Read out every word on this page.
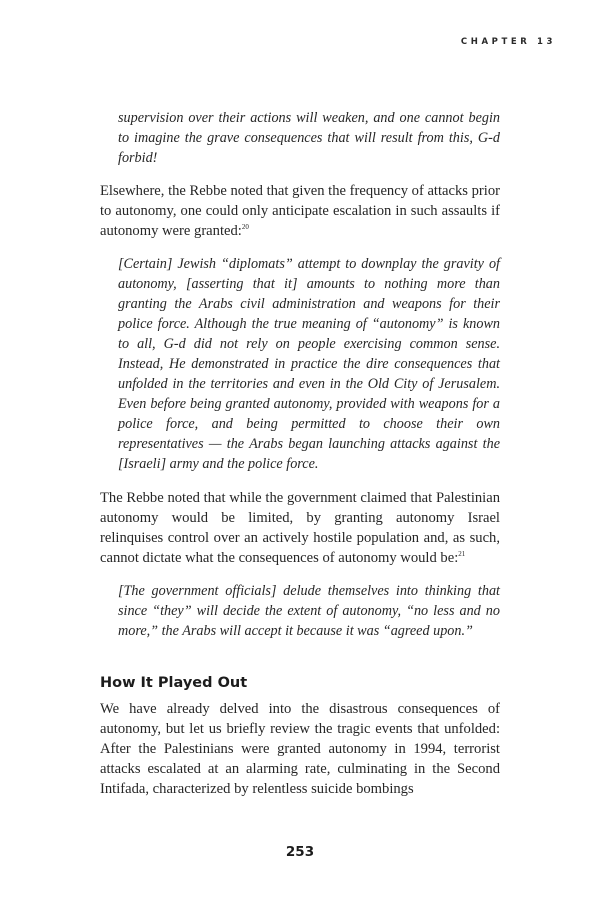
CHAPTER 13

supervision over their actions will weaken, and one cannot begin to imagine the grave consequences that will result from this, G-d forbid!

Elsewhere, the Rebbe noted that given the frequency of attacks prior to autonomy, one could only anticipate escalation in such assaults if autonomy were granted:$^{20}$

[Certain] Jewish “diplomats” attempt to downplay the gravity of autonomy, [asserting that it] amounts to nothing more than granting the Arabs civil administration and weapons for their police force. Although the true meaning of “autonomy” is known to all, G-d did not rely on people exercising common sense. Instead, He demonstrated in practice the dire consequences that unfolded in the territories and even in the Old City of Jerusalem. Even before being granted autonomy, provided with weapons for a police force, and being permitted to choose their own representatives — the Arabs began launching attacks against the [Israeli] army and the police force.

The Rebbe noted that while the government claimed that Palestinian autonomy would be limited, by granting autonomy Israel relinquises control over an actively hostile population and, as such, cannot dictate what the consequences of autonomy would be:$^{21}$

[The government officials] delude themselves into thinking that since “they” will decide the extent of autonomy, “no less and no more,” the Arabs will accept it because it was “agreed upon.”

How It Played Out

We have already delved into the disastrous consequences of autonomy, but let us briefly review the tragic events that unfolded: After the Palestinians were granted autonomy in 1994, terrorist attacks escalated at an alarming rate, culminating in the Second Intifada, characterized by relentless suicide bombings

253
